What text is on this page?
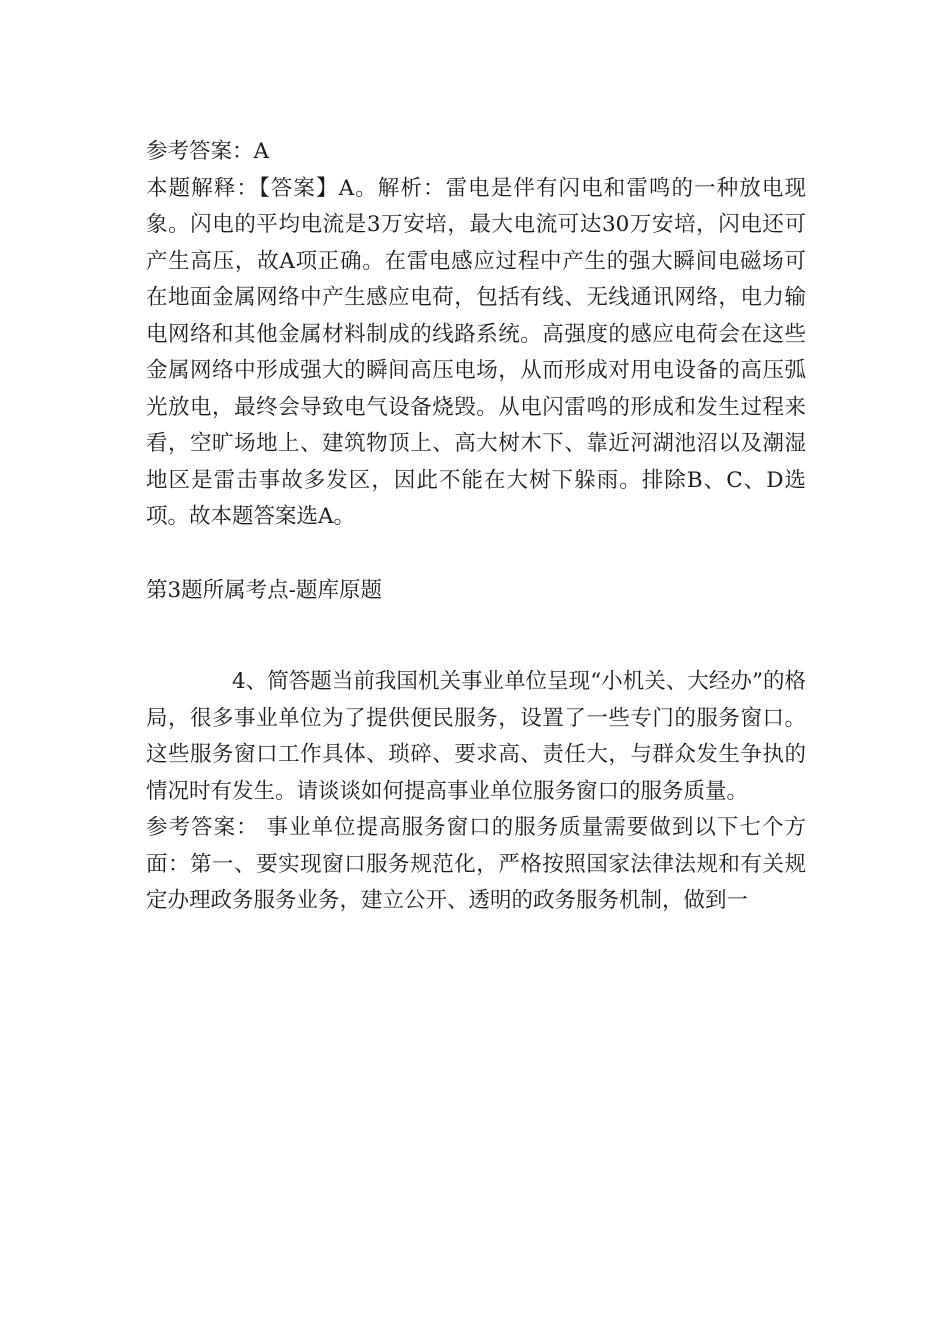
参考答案：A

本题解释：【答案】A。解析：雷电是伴有闪电和雷鸣的一种放电现象。闪电的平均电流是3万安培，最大电流可达30万安培，闪电还可产生高压，故A项正确。在雷电感应过程中产生的强大瞬间电磁场可在地面金属网络中产生感应电荷，包括有线、无线通讯网络，电力输电网络和其他金属材料制成的线路系统。高强度的感应电荷会在这些金属网络中形成强大的瞬间高压电场，从而形成对用电设备的高压弧光放电，最终会导致电气设备烧毁。从电闪雷鸣的形成和发生过程来看，空旷场地上、建筑物顶上、高大树木下、靠近河湖池沼以及潮湿地区是雷击事故多发区，因此不能在大树下躲雨。排除B、C、D选项。故本题答案选A。

第3题所属考点-题库原题

4、简答题当前我国机关事业单位呈现“小机关、大经办”的格局，很多事业单位为了提供便民服务，设置了一些专门的服务窗口。这些服务窗口工作具体、琐碎、要求高、责任大，与群众发生争执的情况时有发生。请谈谈如何提高事业单位服务窗口的服务质量。

参考答案： 事业单位提高服务窗口的服务质量需要做到以下七个方面：第一、要实现窗口服务规范化，严格按照国家法律法规和有关规定办理政务服务业务，建立公开、透明的政务服务机制，做到一
